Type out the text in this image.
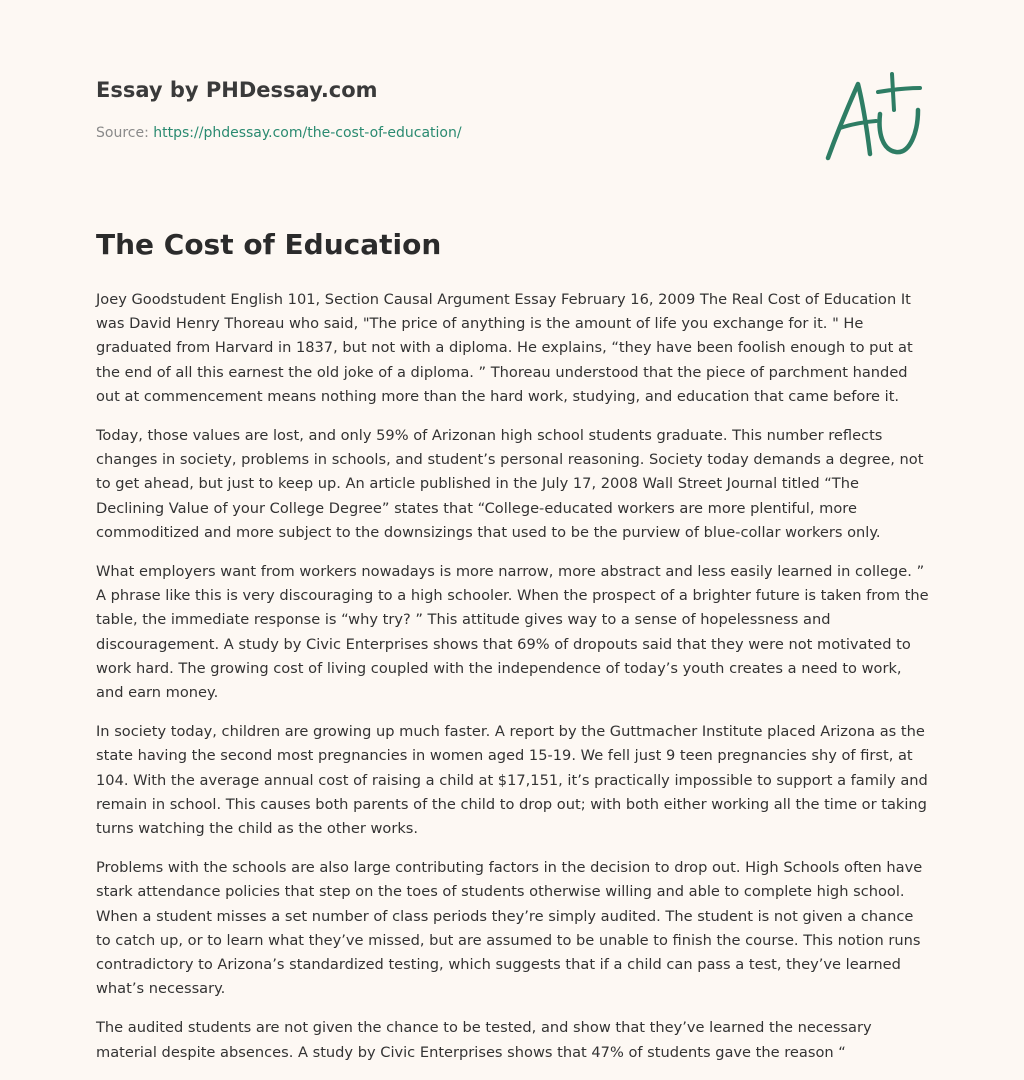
Essay by PHDessay.com
Source: https://phdessay.com/the-cost-of-education/
The Cost of Education

Joey Goodstudent English 101, Section Causal Argument Essay February 16, 2009 The Real Cost of Education It was David Henry Thoreau who said, "The price of anything is the amount of life you exchange for it. " He graduated from Harvard in 1837, but not with a diploma. He explains, “they have been foolish enough to put at the end of all this earnest the old joke of a diploma. ” Thoreau understood that the piece of parchment handed out at commencement means nothing more than the hard work, studying, and education that came before it.

Today, those values are lost, and only 59% of Arizonan high school students graduate. This number reflects changes in society, problems in schools, and student’s personal reasoning. Society today demands a degree, not to get ahead, but just to keep up. An article published in the July 17, 2008 Wall Street Journal titled “The Declining Value of your College Degree” states that “College-educated workers are more plentiful, more commoditized and more subject to the downsizings that used to be the purview of blue-collar workers only.

What employers want from workers nowadays is more narrow, more abstract and less easily learned in college. ” A phrase like this is very discouraging to a high schooler. When the prospect of a brighter future is taken from the table, the immediate response is “why try? ” This attitude gives way to a sense of hopelessness and discouragement. A study by Civic Enterprises shows that 69% of dropouts said that they were not motivated to work hard. The growing cost of living coupled with the independence of today’s youth creates a need to work, and earn money.

In society today, children are growing up much faster. A report by the Guttmacher Institute placed Arizona as the state having the second most pregnancies in women aged 15-19. We fell just 9 teen pregnancies shy of first, at 104. With the average annual cost of raising a child at $17,151, it’s practically impossible to support a family and remain in school. This causes both parents of the child to drop out; with both either working all the time or taking turns watching the child as the other works.

Problems with the schools are also large contributing factors in the decision to drop out. High Schools often have stark attendance policies that step on the toes of students otherwise willing and able to complete high school. When a student misses a set number of class periods they’re simply audited. The student is not given a chance to catch up, or to learn what they’ve missed, but are assumed to be unable to finish the course. This notion runs contradictory to Arizona’s standardized testing, which suggests that if a child can pass a test, they’ve learned what’s necessary.

The audited students are not given the chance to be tested, and show that they’ve learned the necessary material despite absences. A study by Civic Enterprises shows that 47% of students gave the reason “
